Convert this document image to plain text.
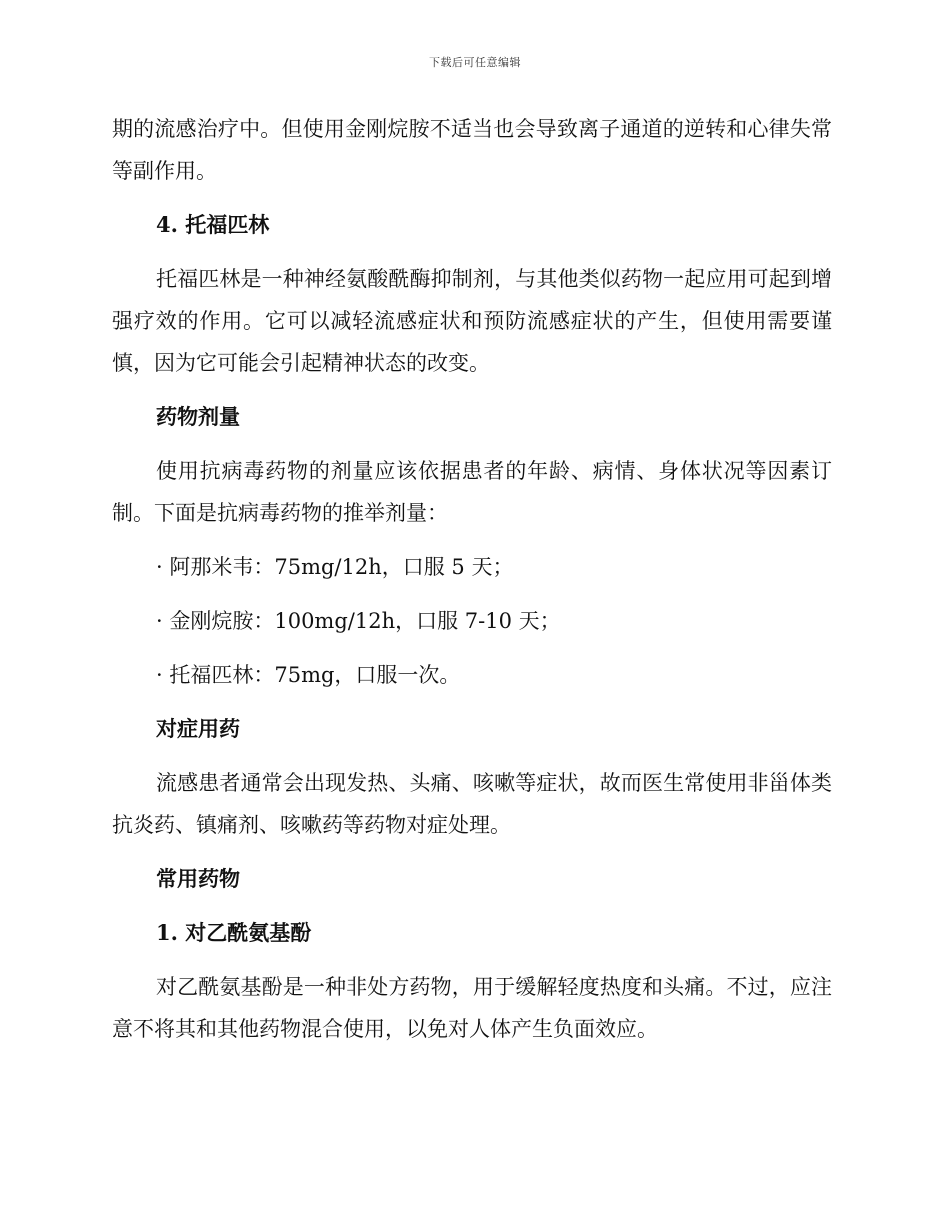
下载后可任意编辑

期的流感治疗中。但使用金刚烷胺不适当也会导致离子通道的逆转和心律失常等副作用。

4. 托福匹林

托福匹林是一种神经氨酸酰酶抑制剂，与其他类似药物一起应用可起到增强疗效的作用。它可以减轻流感症状和预防流感症状的产生，但使用需要谨慎，因为它可能会引起精神状态的改变。

药物剂量

使用抗病毒药物的剂量应该依据患者的年龄、病情、身体状况等因素订制。下面是抗病毒药物的推举剂量：

· 阿那米韦：75mg/12h，口服 5 天；
· 金刚烷胺：100mg/12h，口服 7-10 天；
· 托福匹林：75mg，口服一次。
对症用药

流感患者通常会出现发热、头痛、咳嗽等症状，故而医生常使用非甾体类抗炎药、镇痛剂、咳嗽药等药物对症处理。

常用药物
1. 对乙酰氨基酚

对乙酰氨基酚是一种非处方药物，用于缓解轻度热度和头痛。不过，应注意不将其和其他药物混合使用，以免对人体产生负面效应。
